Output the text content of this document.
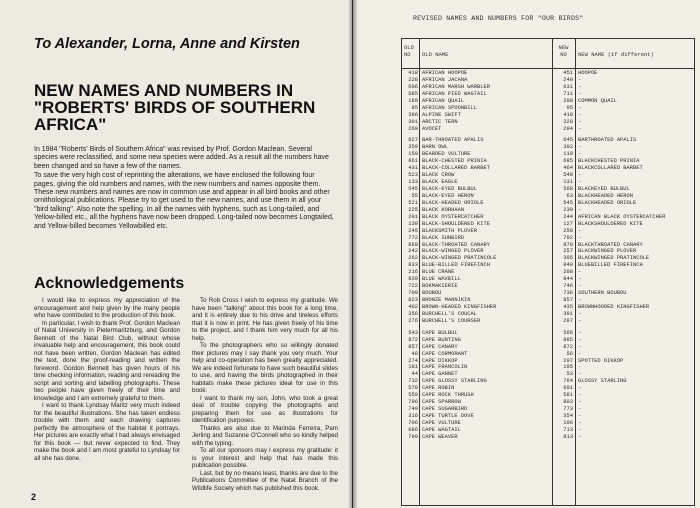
To Alexander, Lorna, Anne and Kirsten
NEW NAMES AND NUMBERS IN "ROBERTS' BIRDS OF SOUTHERN AFRICA"

In 1984 "Roberts' Birds of Southern Africa" was revised by Prof. Gordon Maclean. Several species were reclassified, and some new species were added. As a result all the numbers have been changed and so have a few of the names.

To save the very high cost of reprinting the alterations, we have enclosed the following four pages, giving the old numbers and names, with the new numbers and names opposite them. These new numbers and names are now in common use and appear in all bird books and other ornithological publications. Please try to get used to the new names, and use them in all your "bird talking". Also note the spelling. In all the names with hyphens, such as Long-tailed, and Yellow-billed etc., all the hyphens have now been dropped. Long-tailed now becomes Longtailed, and Yellow-billed becomes Yellowbilled etc.

Acknowledgements

I would like to express my appreciation of the encouragement and help given by the many people who have contributed to the production of this book.

In particular, I wish to thank Prof. Gordon Maclean of Natal University in Pietermaritzburg, and Gordon Bennett of the Natal Bird Club, without whose invaluable help and encouragement, this book could not have been written. Gordon Maclean has edited the text, done the proof-reading and written the foreword. Gordon Bennett has given hours of his time checking information, reading and rereading the script and sorting and labelling photographs. These two people have given freely of their time and knowledge and I am extremely grateful to them.

I want to thank Lyndsay Maritz very much indeed for the beautiful illustrations. She has taken endless trouble with them and each drawing captures perfectly the atmosphere of the habitat it portrays. Her pictures are exactly what I had always envisaged for this book — but never expected to find. They make the book and I am most grateful to Lyndsay for all she has done.

To Rob Cross I wish to express my gratitude. We have been "talking" about this book for a long time, and it is entirely due to his drive and tireless efforts that it is now in print. He has given freely of his time to the project, and I thank him very much for all his help.

To the photographers who so willingly donated their pictures may I say thank you very much. Your help and co-operation has been greatly appreciated. We are indeed fortunate to have such beautiful slides to use, and having the birds photographed in their habitats make these pictures ideal for use in this book.

I want to thank my son, John, who took a great deal of trouble copying the photographs and preparing them for use as illustrations for identification purposes.

Thanks are also due to Marinda Ferreira, Pam Jerling and Suzanne O'Connell who so kindly helped with the typing.

To all our sponsors may I express my gratitude: it is your interest and help that has made this publication possible.

Last, but by no means least, thanks are due to the Publications Committee of the Natal Branch of the Wildlife Society which has published this book.

2
REVISED NAMES AND NUMBERS FOR "OUR BIRDS"
OLD
NO	OLD NAME
NEW
NO	NEW NAME (if different)
418 AFRICAN HOOPOE	451 HOOPOE
228 AFRICAN JACANA	240 -
606 AFRICAN MARSH WARBLER	631 -
685 AFRICAN PIED WAGTAIL	711 -
189 AFRICAN QUAIL	200 COMMON QUAIL
85 AFRICAN SPOONBILL	95 -
386 ALPINE SWIFT	418 -
301 ARCTIC TERN	328 -
269 AVOCET	294 -
627 BAR-THROATED APALIS	645 BARTHROATED APALIS
359 BARN OWL	392 -
150 BEARDED VULTURE	119 -
661 BLACK-CHESTED PRINIA	685 BLACKCHESTED PRINIA
431 BLACK-COLLARED BARBET	464 BLACKCOLLARED BARBET
523 BLACK CROW	548 -
133 BLACK EAGLE	131 -
545 BLACK-EYED BULBUL	568 BLACKEYED BULBUL
55 BLACK-EYED HERON	63 BLACKHEADED HERON
521 BLACK-HEADED ORIOLE	545 BLACKHEADED ORIOLE
225 BLACK KORHAAN	239 -
201 BLACK OYSTERCATCHER	244 AFRICAN BLACK OYSTERCATCHER
130 BLACK-SHOULDERED KITE	127 BLACKSHOULDERED KITE
245 BLACKSMITH PLOVER	258 -
772 BLACK SUNBIRD	792 -
860 BLACK-THROATED CANARY	870 BLACKTHROATED CANARY
242 BLACK-WINGED PLOVER	257 BLACKWINGED PLOVER
262 BLACK-WINGED PRATINCOLE	305 BLACKWINGED PRATINCOLE
833 BLUE-BILLED FIREFINCH	840 BLUEBILLED FIREFINCH
216 BLUE CRANE	208 -
839 BLUE WAXBILL	844 -
722 BOKMAKIERIE	746 -
709 BOUBOU	736 SOUTHERN BOUBOU
823 BRONZE MANNIKIN	857 -
402 BROWN-HEADED KINGFISHER	435 BROWNHOODED KINGFISHER
356 BURCHELL'S COUCAL	391 -
276 BURCHELL'S COURSER	297 -
543 CAPE BULBUL	566 -
872 CAPE BUNTING	885 -
857 CAPE CANARY	872 -
48 CAPE CORMORANT	56 -
274 CAPE DIKKOP	297 SPOTTED DIKKOP
181 CAPE FRANCOLIN	195 -
44 CAPE GANNET	53 -
732 CAPE GLOSSY STARLING	764 GLOSSY STARLING
578 CAPE ROBIN	601 -
559 CAPE ROCK THRUSH	581 -
796 CAPE SPARROW	803 -
749 CAPE SUGARBIRD	773 -
316 CAPE TURTLE DOVE	354 -
706 CAPE VULTURE	106 -
686 CAPE WAGTAIL	713 -
799 CAPE WEAVER	813 -
